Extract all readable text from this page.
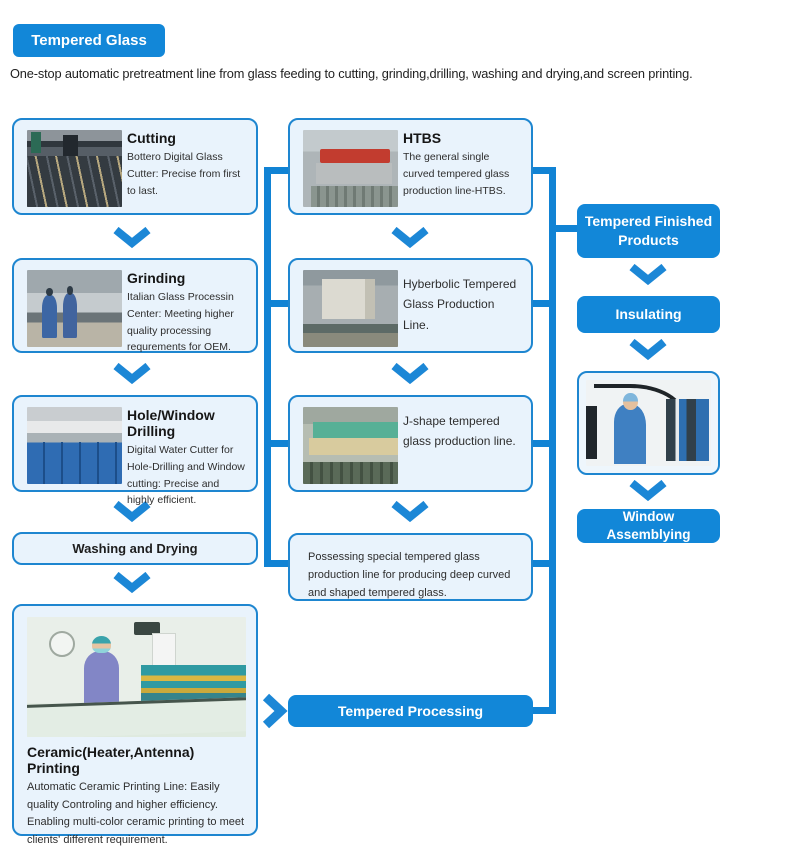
Tempered Glass
One-stop automatic pretreatment line from glass feeding to cutting, grinding,drilling, washing and drying,and screen printing.
Cutting
Bottero Digital Glass Cutter: Precise from first to last.
Grinding
Italian Glass Processin Center: Meeting higher quality processing requrements for OEM.
Hole/Window Drilling
Digital Water Cutter for Hole-Drilling and Window cutting: Precise and highly efficient.
Washing and Drying
Ceramic(Heater,Antenna) Printing
Automatic Ceramic Printing Line: Easily quality Controling and higher efficiency.
Enabling multi-color ceramic printing to meet clients' different requirement.
HTBS
The general single curved tempered glass production line-HTBS.
Hyberbolic Tempered Glass Production Line.
J-shape tempered glass production line.
Possessing special tempered glass production line for producing deep curved and shaped tempered glass.
Tempered Processing
Tempered Finished Products
Insulating
Window Assemblying
